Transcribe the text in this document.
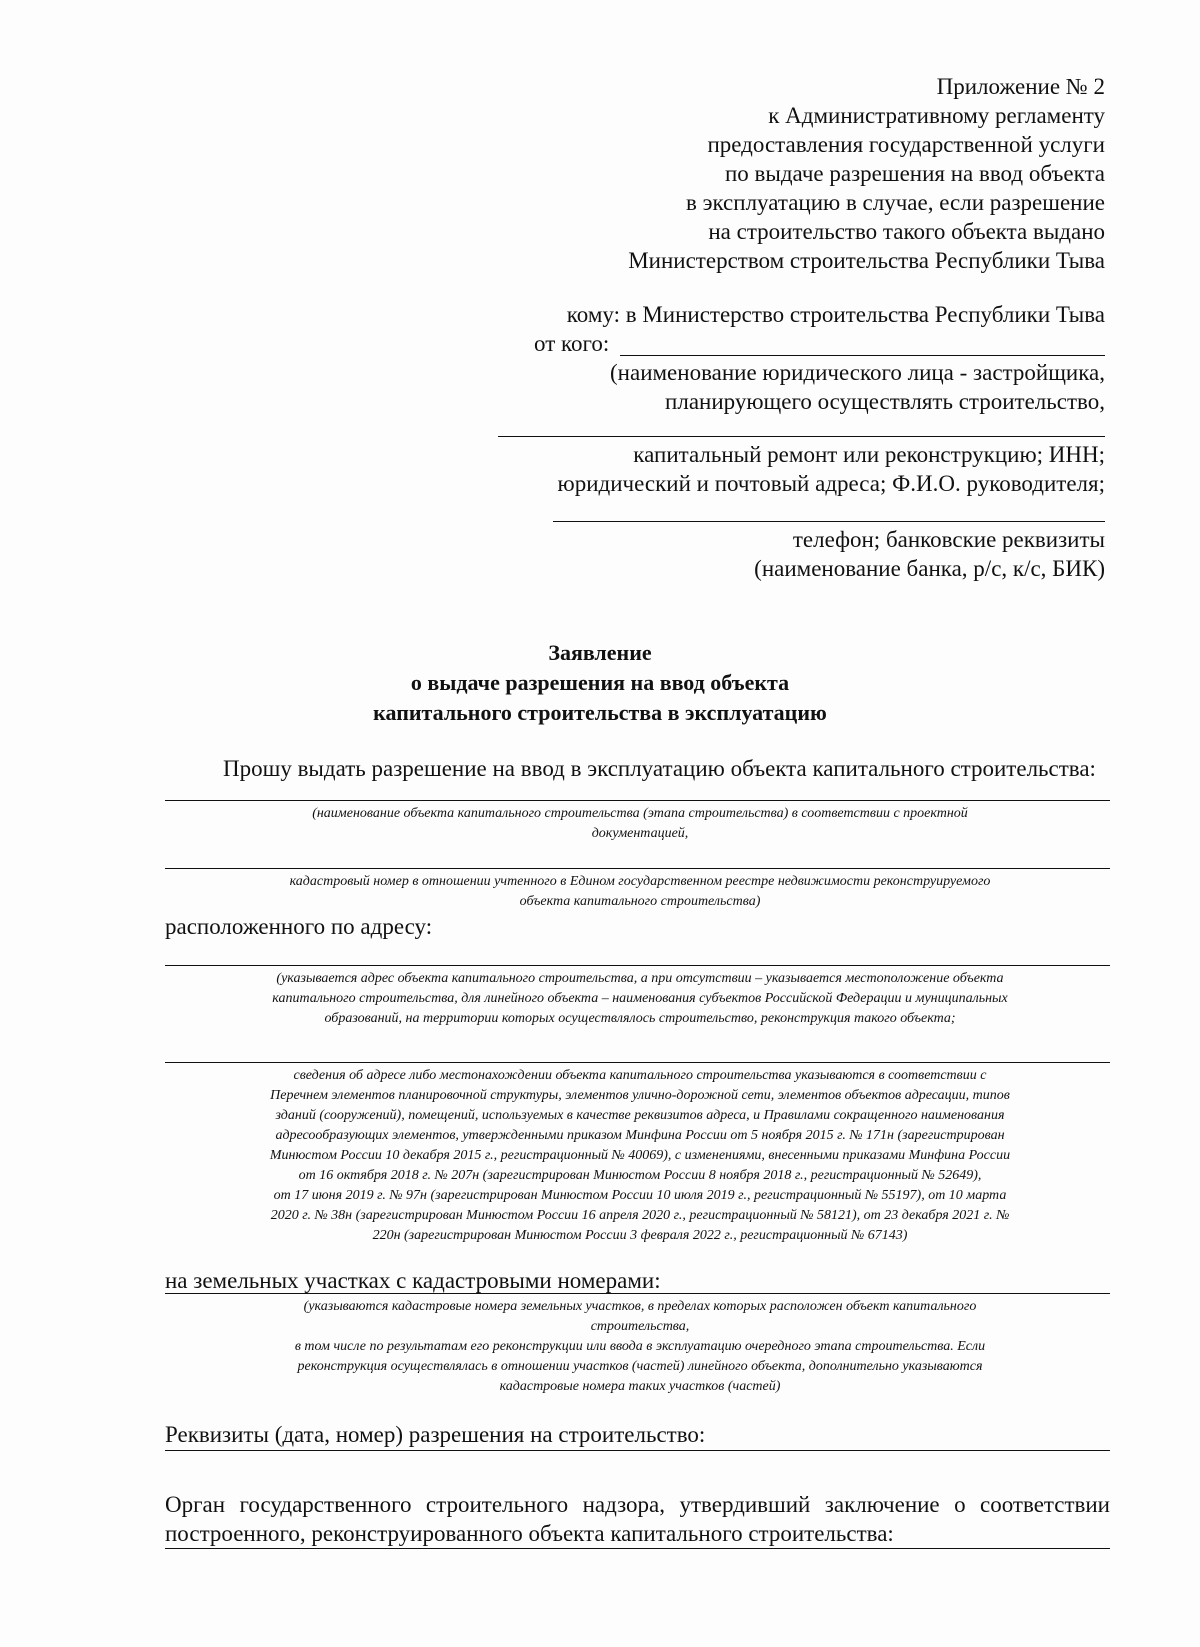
Приложение № 2
к Административному регламенту
предоставления государственной услуги
по выдаче разрешения на ввод объекта
в эксплуатацию в случае, если разрешение
на строительство такого объекта выдано
Министерством строительства Республики Тыва
кому: в Министерство строительства Республики Тыва
от кого:
(наименование юридического лица - застройщика,
планирующего осуществлять строительство,
капитальный ремонт или реконструкцию; ИНН;
юридический и почтовый адреса; Ф.И.О. руководителя;
телефон; банковские реквизиты
(наименование банка, р/с, к/с, БИК)
Заявление
о выдаче разрешения на ввод объекта
капитального строительства в эксплуатацию
Прошу выдать разрешение на ввод в эксплуатацию объекта капитального строительства:
(наименование объекта капитального строительства (этапа строительства) в соответствии с проектной
документацией,
кадастровый номер в отношении учтенного в Едином государственном реестре недвижимости реконструируемого
объекта капитального строительства)
расположенного по адресу:
(указывается адрес объекта капитального строительства, а при отсутствии – указывается местоположение объекта
капитального строительства, для линейного объекта – наименования субъектов Российской Федерации и муниципальных
образований, на территории которых осуществлялось строительство, реконструкция такого объекта;
сведения об адресе либо местонахождении объекта капитального строительства указываются в соответствии с
Перечнем элементов планировочной структуры, элементов улично-дорожной сети, элементов объектов адресации, типов
зданий (сооружений), помещений, используемых в качестве реквизитов адреса, и Правилами сокращенного наименования
адресообразующих элементов, утвержденными приказом Минфина России от 5 ноября 2015 г. № 171н (зарегистрирован
Минюстом России 10 декабря 2015 г., регистрационный № 40069), с изменениями, внесенными приказами Минфина России
от 16 октября 2018 г. № 207н (зарегистрирован Минюстом России 8 ноября 2018 г., регистрационный № 52649),
от 17 июня 2019 г. № 97н (зарегистрирован Минюстом России 10 июля 2019 г., регистрационный № 55197), от 10 марта
2020 г. № 38н (зарегистрирован Минюстом России 16 апреля 2020 г., регистрационный № 58121), от 23 декабря 2021 г. №
220н (зарегистрирован Минюстом России 3 февраля 2022 г., регистрационный № 67143)
на земельных участках с кадастровыми номерами:
(указываются кадастровые номера земельных участков, в пределах которых расположен объект капитального
строительства,
в том числе по результатам его реконструкции или ввода в эксплуатацию очередного этапа строительства. Если
реконструкция осуществлялась в отношении участков (частей) линейного объекта, дополнительно указываются
кадастровые номера таких участков (частей)
Реквизиты (дата, номер) разрешения на строительство:
Орган государственного строительного надзора, утвердивший заключение о соответствии
построенного, реконструированного объекта капитального строительства:
